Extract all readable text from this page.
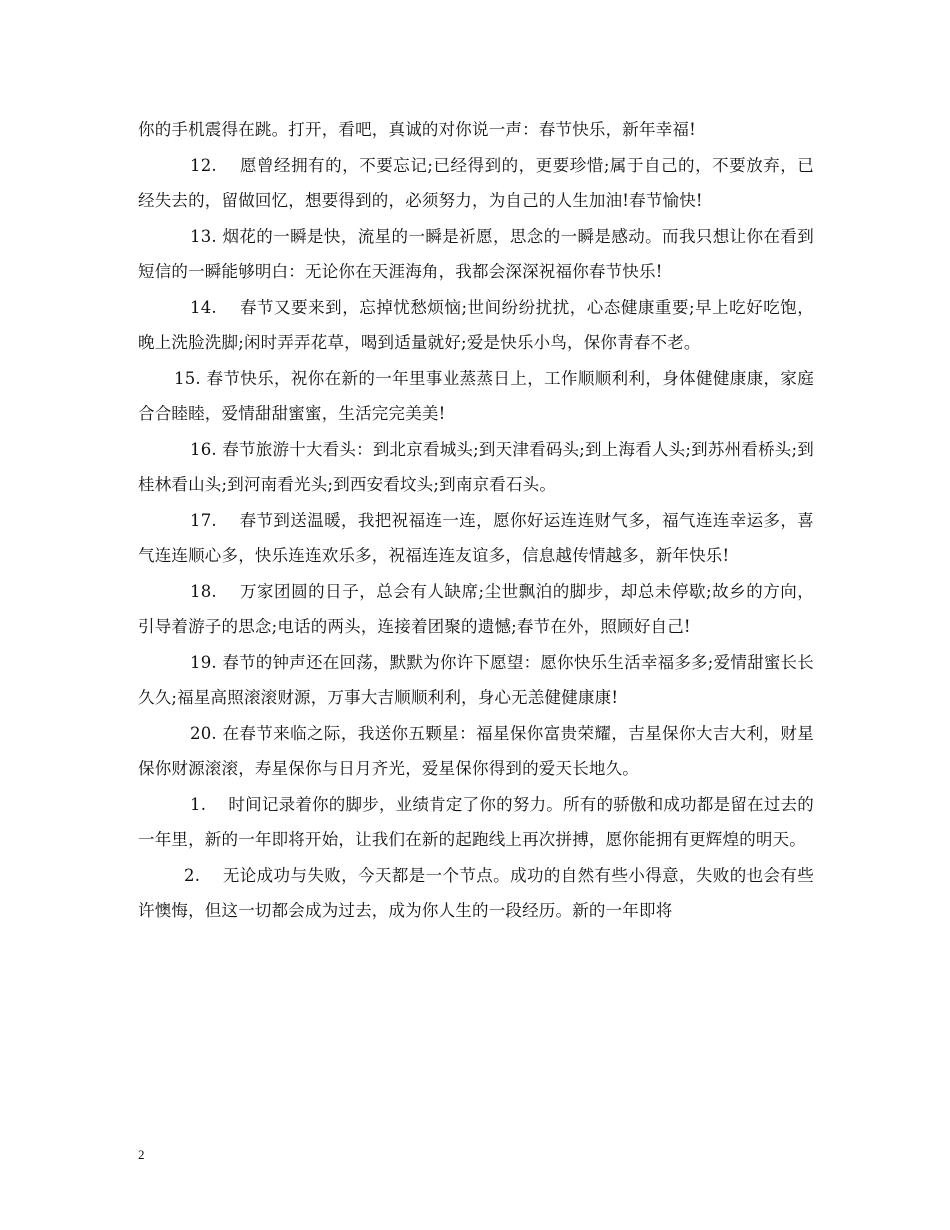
你的手机震得在跳。打开，看吧，真诚的对你说一声：春节快乐，新年幸福!

12.　 愿曾经拥有的，不要忘记;已经得到的，更要珍惜;属于自己的，不要放弃，已经失去的，留做回忆，想要得到的，必须努力，为自己的人生加油!春节愉快!

13. 烟花的一瞬是快，流星的一瞬是祈愿，思念的一瞬是感动。而我只想让你在看到短信的一瞬能够明白：无论你在天涯海角，我都会深深祝福你春节快乐!

14.　 春节又要来到，忘掉忧愁烦恼;世间纷纷扰扰，心态健康重要;早上吃好吃饱，晚上洗脸洗脚;闲时弄弄花草，喝到适量就好;爱是快乐小鸟，保你青春不老。

15. 春节快乐，祝你在新的一年里事业蒸蒸日上，工作顺顺利利，身体健健康康，家庭合合睦睦，爱情甜甜蜜蜜，生活完完美美!

16. 春节旅游十大看头：到北京看城头;到天津看码头;到上海看人头;到苏州看桥头;到桂林看山头;到河南看光头;到西安看坟头;到南京看石头。

17.　 春节到送温暖，我把祝福连一连，愿你好运连连财气多，福气连连幸运多，喜气连连顺心多，快乐连连欢乐多，祝福连连友谊多，信息越传情越多，新年快乐!

18.　 万家团圆的日子，总会有人缺席;尘世飘泊的脚步，却总未停歇;故乡的方向，引导着游子的思念;电话的两头，连接着团聚的遗憾;春节在外，照顾好自己!

19. 春节的钟声还在回荡，默默为你许下愿望：愿你快乐生活幸福多多;爱情甜蜜长长久久;福星高照滚滚财源，万事大吉顺顺利利，身心无恙健健康康!

20. 在春节来临之际，我送你五颗星：福星保你富贵荣耀，吉星保你大吉大利，财星保你财源滚滚，寿星保你与日月齐光，爱星保你得到的爱天长地久。

1.　 时间记录着你的脚步，业绩肯定了你的努力。所有的骄傲和成功都是留在过去的一年里，新的一年即将开始，让我们在新的起跑线上再次拼搏，愿你能拥有更辉煌的明天。

2.　 无论成功与失败，今天都是一个节点。成功的自然有些小得意，失败的也会有些许懊悔，但这一切都会成为过去，成为你人生的一段经历。新的一年即将

2
